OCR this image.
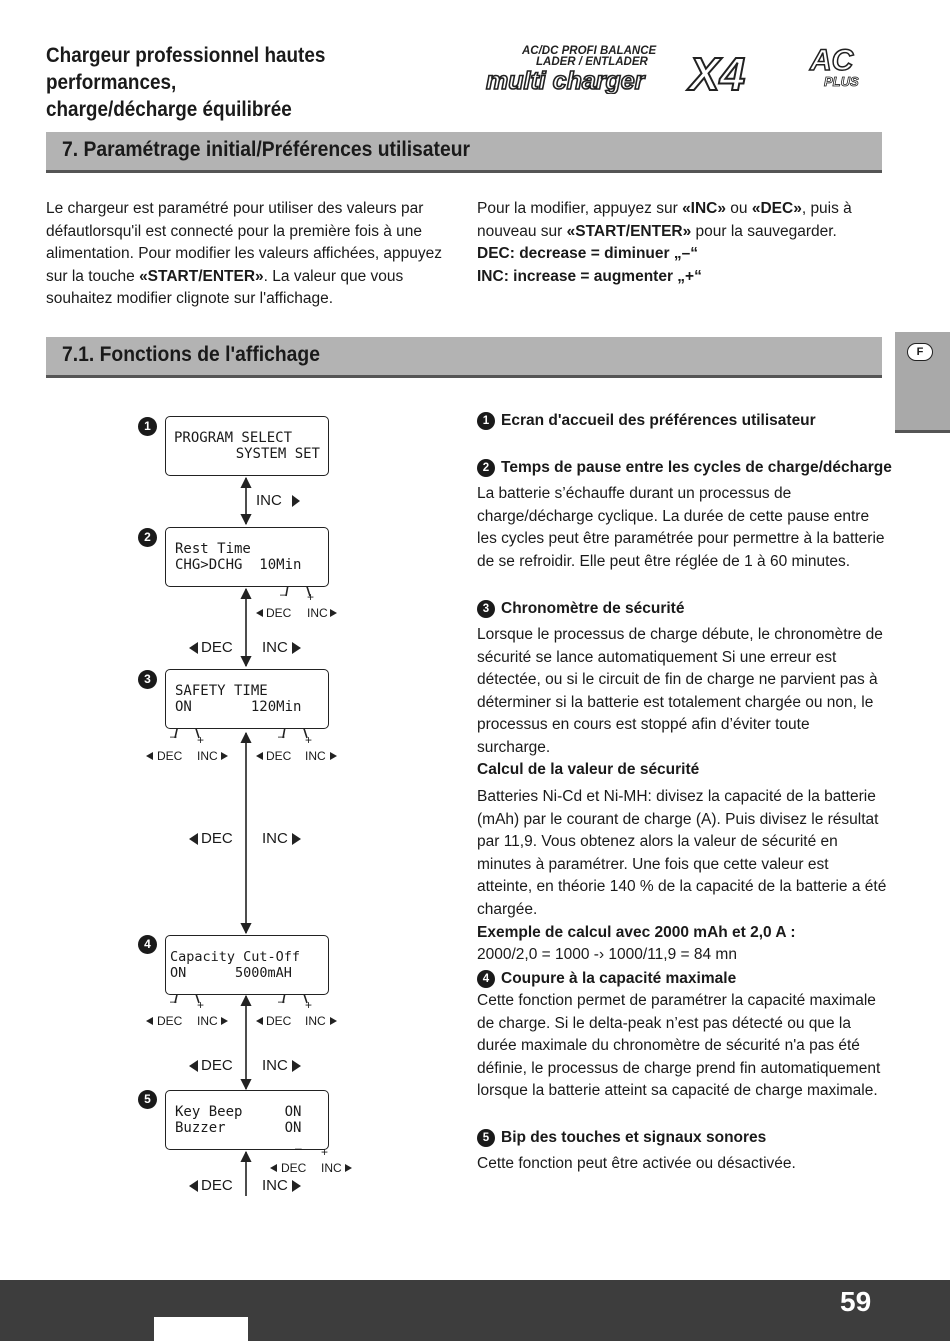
Chargeur professionnel hautes performances,
charge/décharge équilibrée
AC/DC PROFI BALANCE
LADER / ENTLADER
multi charger X4 AC
PLUS
7. Paramétrage initial/Préférences utilisateur
Le chargeur est paramétré pour utiliser des valeurs par défautlorsqu'il est connecté pour la première fois à une alimentation. Pour modifier les valeurs affichées, appuyez sur la touche «START/ENTER». La valeur que vous souhaitez modifier clignote sur l'affichage.
Pour la modifier, appuyez sur «INC» ou «DEC», puis à nouveau sur «START/ENTER» pour la sauvegarder.
DEC: decrease = diminuer „–“
INC: increase = augmenter „+“
7.1. Fonctions de l'affichage	F
1
2
3
4
5
PROGRAM SELECT
SYSTEM SET
Rest Time
CHG>DCHG  10Min
SAFETY TIME
ON       120Min
Capacity Cut-Off
ON      5000mAH
Key Beep     ON
Buzzer       ON
INC
– +
DEC INC
DEC INC
– +	– +
DEC INC	DEC INC
DEC INC
– +	– +
DEC INC	DEC INC
DEC INC
– +
DEC INC
DEC INC
1 Ecran d'accueil des préférences utilisateur
2 Temps de pause entre les cycles de charge/décharge
La batterie s’échauffe durant un processus de charge/décharge cyclique. La durée de cette pause entre les cycles peut être paramétrée pour permettre à la batterie de se refroidir. Elle peut être réglée de 1 à 60 minutes.
3 Chronomètre de sécurité
Lorsque le processus de charge débute, le chronomètre de sécurité se lance automatiquement Si une erreur est détectée, ou si le circuit de fin de charge ne parvient pas à déterminer si la batterie est totalement chargée ou non, le processus en cours est stoppé afin d’éviter toute surcharge.
Calcul de la valeur de sécurité
Batteries Ni-Cd et Ni-MH: divisez la capacité de la batterie (mAh) par le courant de charge (A). Puis divisez le résultat par 11,9. Vous obtenez alors la valeur de sécurité en minutes à paramétrer. Une fois que cette valeur est atteinte, en théorie 140 % de la capacité de la batterie a été chargée.
Exemple de calcul avec 2000 mAh et 2,0 A :
2000/2,0 = 1000 -› 1000/11,9 = 84 mn
4 Coupure à la capacité maximale
Cette fonction permet de paramétrer la capacité maximale de charge. Si le delta-peak n’est pas détecté ou que la durée maximale du chronomètre de sécurité n'a pas été définie, le processus de charge prend fin automatiquement lorsque la batterie atteint sa capacité de charge maximale.
5 Bip des touches et signaux sonores
Cette fonction peut être activée ou désactivée.
59
